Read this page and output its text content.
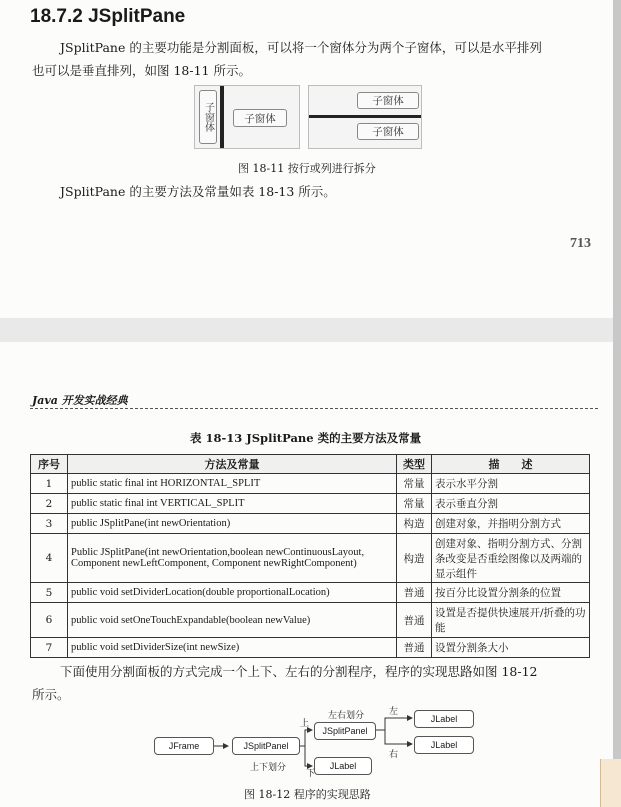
18.7.2 JSplitPane
JSplitPane 的主要功能是分割面板，可以将一个窗体分为两个子窗体，可以是水平排列
也可以是垂直排列，如图 18-11 所示。
子窗体	子窗体
子窗体
子窗体
图 18-11 按行或列进行拆分
JSplitPane 的主要方法及常量如表 18-13 所示。
713
Java 开发实战经典
表 18-13 JSplitPane 类的主要方法及常量
序号	方法及常量	类型	描　　述
1	public static final int HORIZONTAL_SPLIT	常量	表示水平分割
2	public static final int VERTICAL_SPLIT	常量	表示垂直分割
3	public JSplitPane(int newOrientation)	构造	创建对象，并指明分割方式
4	Public JSplitPane(int newOrientation,boolean newContinuousLayout, Component newLeftComponent, Component newRightComponent)	构造	创建对象、指明分割方式、分割条改变是否重绘图像以及两端的显示组件
5	public void setDividerLocation(double proportionalLocation)	普通	按百分比设置分割条的位置
6	public void setOneTouchExpandable(boolean newValue)	普通	设置是否提供快速展开/折叠的功能
7	public void setDividerSize(int newSize)	普通	设置分割条大小
下面使用分割面板的方式完成一个上下、左右的分割程序，程序的实现思路如图 18-12
所示。
JFrame	JSplitPanel
JSplitPanel
JLabel
JLabel
JLabel
左右划分	左
右
上
下
上下划分
图 18-12 程序的实现思路
